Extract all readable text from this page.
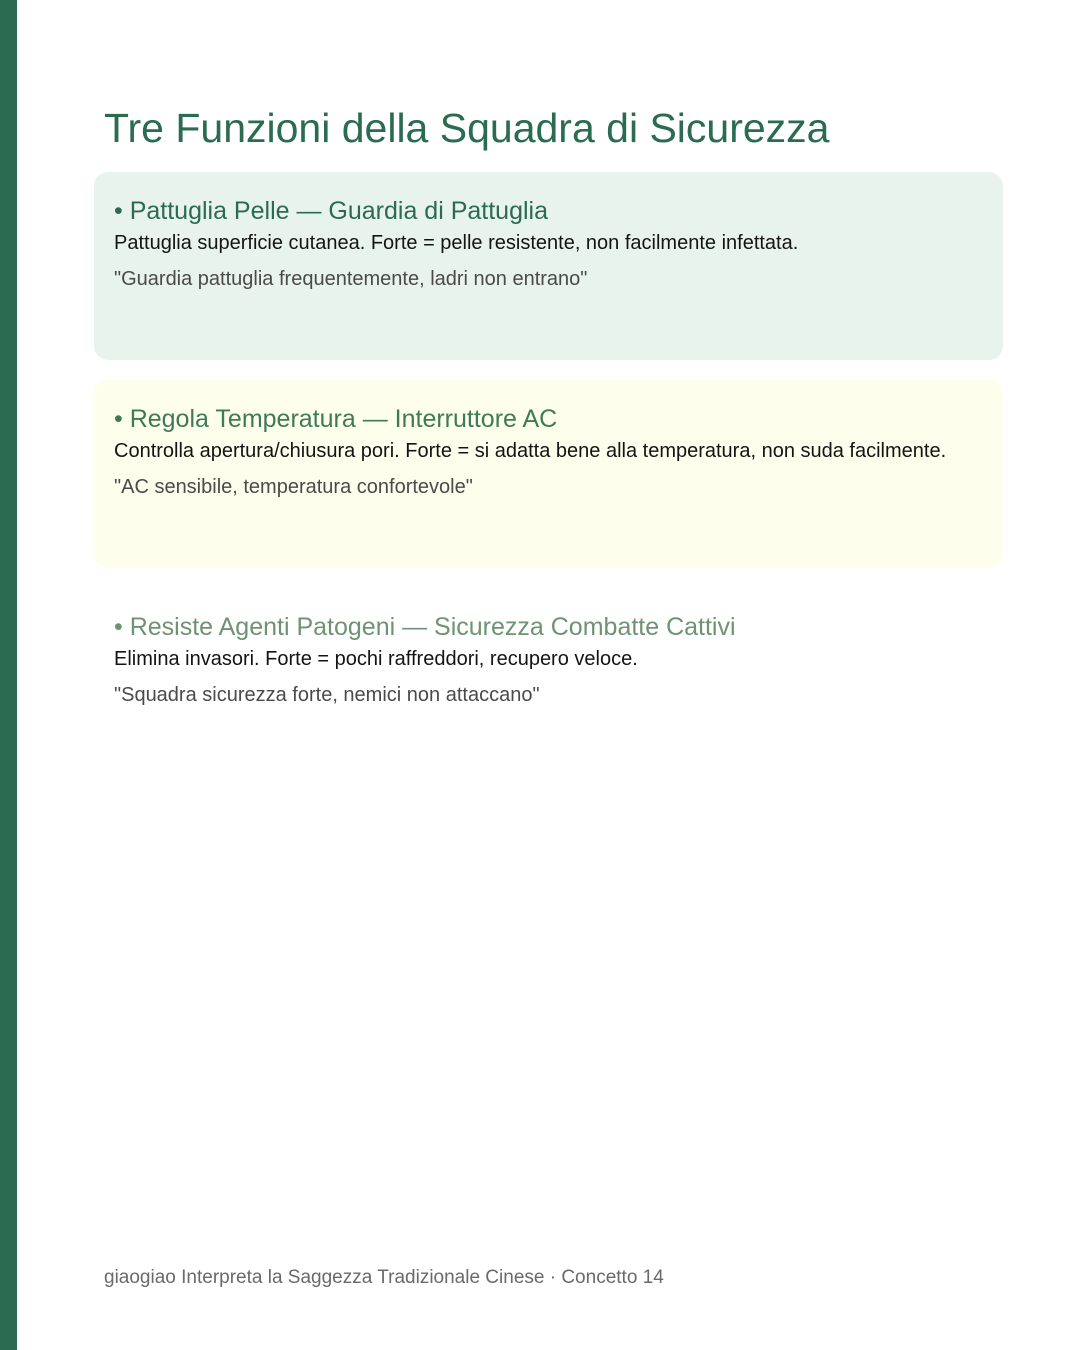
Tre Funzioni della Squadra di Sicurezza
• Pattuglia Pelle — Guardia di Pattuglia

Pattuglia superficie cutanea. Forte = pelle resistente, non facilmente infettata.

"Guardia pattuglia frequentemente, ladri non entrano"

• Regola Temperatura — Interruttore AC

Controlla apertura/chiusura pori. Forte = si adatta bene alla temperatura, non suda facilmente.

"AC sensibile, temperatura confortevole"

• Resiste Agenti Patogeni — Sicurezza Combatte Cattivi

Elimina invasori. Forte = pochi raffreddori, recupero veloce.

"Squadra sicurezza forte, nemici non attaccano"

giaogiao Interpreta la Saggezza Tradizionale Cinese · Concetto 14
